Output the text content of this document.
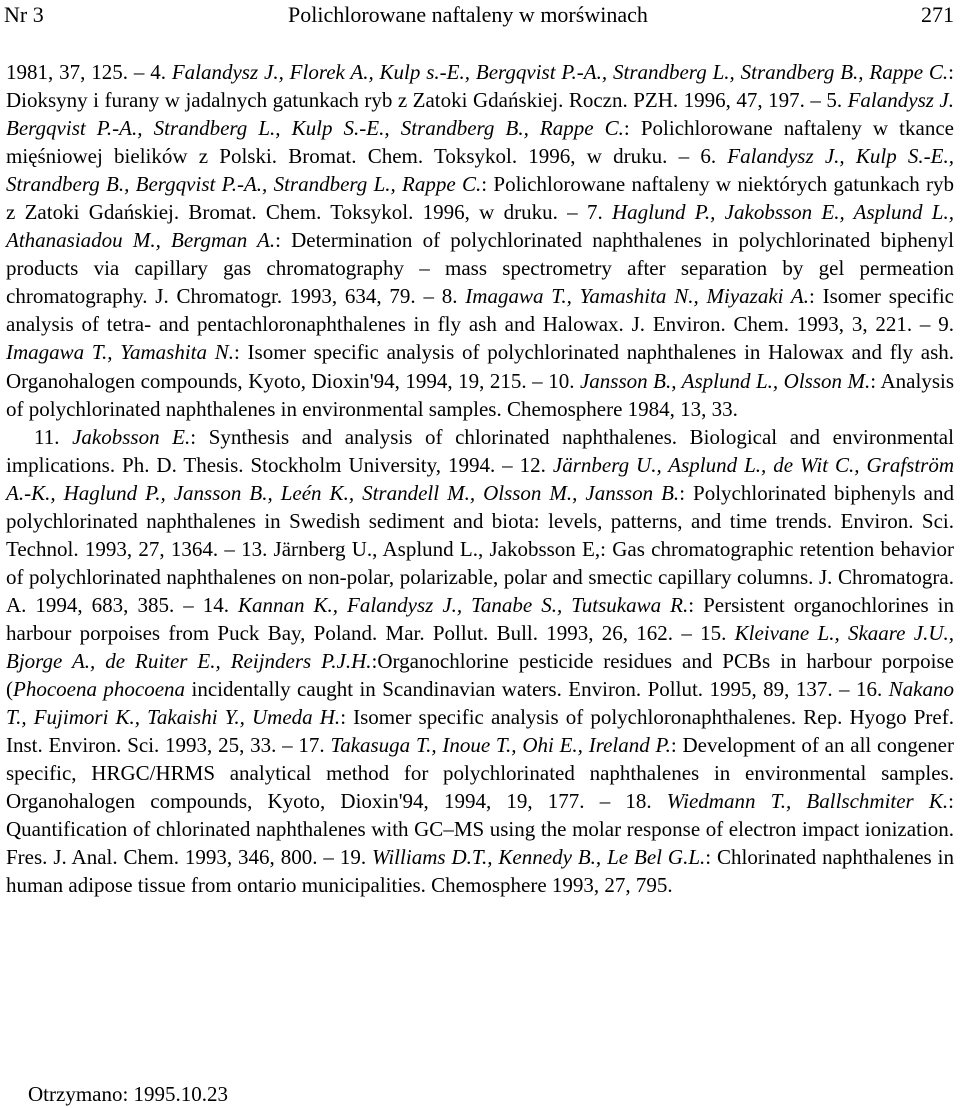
Nr 3	Polichlorowane naftaleny w morświnach	271

1981, 37, 125. – 4. Falandysz J., Florek A., Kulp s.-E., Bergqvist P.-A., Strandberg L., Strandberg B., Rappe C.: Dioksyny i furany w jadalnych gatunkach ryb z Zatoki Gdańskiej. Roczn. PZH. 1996, 47, 197. – 5. Falandysz J. Bergqvist P.-A., Strandberg L., Kulp S.-E., Strandberg B., Rappe C.: Polichlorowane naftaleny w tkance mięśniowej bielików z Polski. Bromat. Chem. Toksykol. 1996, w druku. – 6. Falandysz J., Kulp S.-E., Strandberg B., Bergqvist P.-A., Strandberg L., Rappe C.: Polichlorowane naftaleny w niektórych gatunkach ryb z Zatoki Gdańskiej. Bromat. Chem. Toksykol. 1996, w druku. – 7. Haglund P., Jakobsson E., Asplund L., Athanasiadou M., Bergman A.: Determination of polychlorinated naphthalenes in polychlorinated biphenyl products via capillary gas chromatography – mass spectrometry after separation by gel permeation chromatography. J. Chromatogr. 1993, 634, 79. – 8. Imagawa T., Yamashita N., Miyazaki A.: Isomer specific analysis of tetra- and pentachloronaphthalenes in fly ash and Halowax. J. Environ. Chem. 1993, 3, 221. – 9. Imagawa T., Yamashita N.: Isomer specific analysis of polychlorinated naphthalenes in Halowax and fly ash. Organohalogen compounds, Kyoto, Dioxin'94, 1994, 19, 215. – 10. Jansson B., Asplund L., Olsson M.: Analysis of polychlorinated naphthalenes in environmental samples. Chemosphere 1984, 13, 33.

11. Jakobsson E.: Synthesis and analysis of chlorinated naphthalenes. Biological and environmental implications. Ph. D. Thesis. Stockholm University, 1994. – 12. Järnberg U., Asplund L., de Wit C., Grafström A.-K., Haglund P., Jansson B., Leén K., Strandell M., Olsson M., Jansson B.: Polychlorinated biphenyls and polychlorinated naphthalenes in Swedish sediment and biota: levels, patterns, and time trends. Environ. Sci. Technol. 1993, 27, 1364. – 13. Järnberg U., Asplund L., Jakobsson E,: Gas chromatographic retention behavior of polychlorinated naphthalenes on non-polar, polarizable, polar and smectic capillary columns. J. Chromatogra. A. 1994, 683, 385. – 14. Kannan K., Falandysz J., Tanabe S., Tutsukawa R.: Persistent organochlorines in harbour porpoises from Puck Bay, Poland. Mar. Pollut. Bull. 1993, 26, 162. – 15. Kleivane L., Skaare J.U., Bjorge A., de Ruiter E., Reijnders P.J.H.:Organochlorine pesticide residues and PCBs in harbour porpoise (Phocoena phocoena incidentally caught in Scandinavian waters. Environ. Pollut. 1995, 89, 137. – 16. Nakano T., Fujimori K., Takaishi Y., Umeda H.: Isomer specific analysis of polychloronaphthalenes. Rep. Hyogo Pref. Inst. Environ. Sci. 1993, 25, 33. – 17. Takasuga T., Inoue T., Ohi E., Ireland P.: Development of an all congener specific, HRGC/HRMS analytical method for polychlorinated naphthalenes in environmental samples. Organohalogen compounds, Kyoto, Dioxin'94, 1994, 19, 177. – 18. Wiedmann T., Ballschmiter K.: Quantification of chlorinated naphthalenes with GC–MS using the molar response of electron impact ionization. Fres. J. Anal. Chem. 1993, 346, 800. – 19. Williams D.T., Kennedy B., Le Bel G.L.: Chlorinated naphthalenes in human adipose tissue from ontario municipalities. Chemosphere 1993, 27, 795.

Otrzymano: 1995.10.23
